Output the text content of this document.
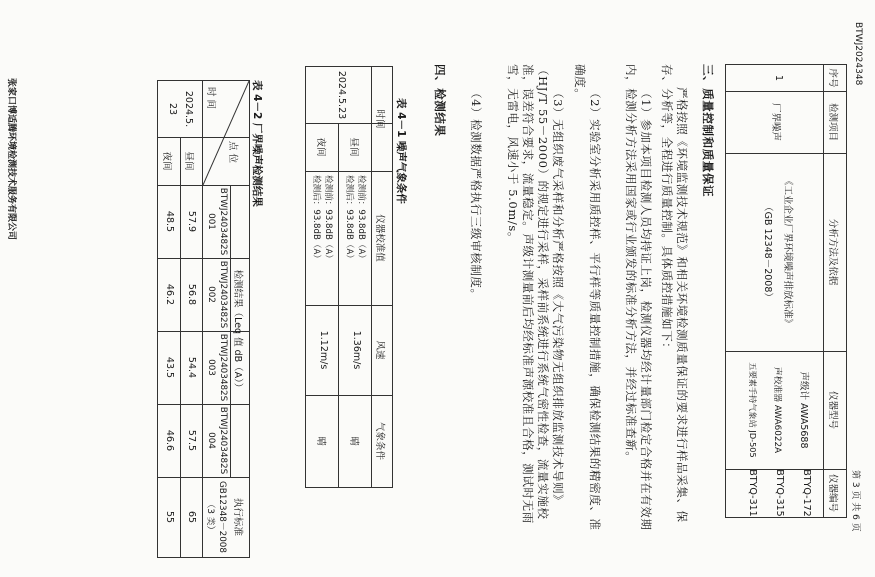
BTWJ2024348
第 3 页 共 6 页
序号
检测项目
分析方法及依据
仪器型号
仪器编号
1
厂界噪声
《工业企业厂界环境噪声排放标准》
（GB 12348－2008）
声级计 AWA5688
声校准器 AWA6022A
五要素手持气象站 JD-505
BTYQ-172
BTYQ-315
BTYQ-311
三、质量控制和质量保证
严格按照《环境监测技术规范》和相关环境检测质量保证的要求进行样品采集、保存、分析等，全程进行质量控制。具体质控措施如下：
（1）参加本项目检测人员均持证上岗，检测仪器均经计量部门检定合格并在有效期内，检测分析方法采用国家或行业颁发的标准分析方法，并经过标准查新。
（2）实验室分析采用质控样、平行样等质量控制措施，确保检测结果的精密度、准确度。
（3）无组织废气采样和分析严格按照《大气污染物无组织排放监测技术导则》（HJ/T 55－2000）的规定进行采样，采样前系统进行系统气密性检查，流量实施校准，误差符合要求，流量稳定。声级计测量前后均经标准声源校准且合格，测试时无雨雪，无雷电，风速小于 5.0m/s。
（4）检测数据严格执行三级审核制度。
四、检测结果
表 4－1 噪声气象条件
时间
仪器校准值
风速
气象条件
2024.5.23
昼间
检测前：93.8dB（A）
检测后：93.8dB（A）
1.36m/s
晴
夜间
检测前：93.8dB（A）
检测后：93.8dB（A）
1.12m/s
晴
表 4－2 厂界噪声检测结果
点 位
时 间
检测结果（Leq 值 dB（A））
执行标准
GB12348－2008
（3 类）
BTWJ2403482S
001
BTWJ2403482S
002
BTWJ2403482S
003
BTWJ2403482S
004
2024.5.
23
昼间
57.9
56.8
54.4
57.5
65
夜间
48.5
46.2
43.5
46.6
55
张家口博适腾环境检测技术服务有限公司
